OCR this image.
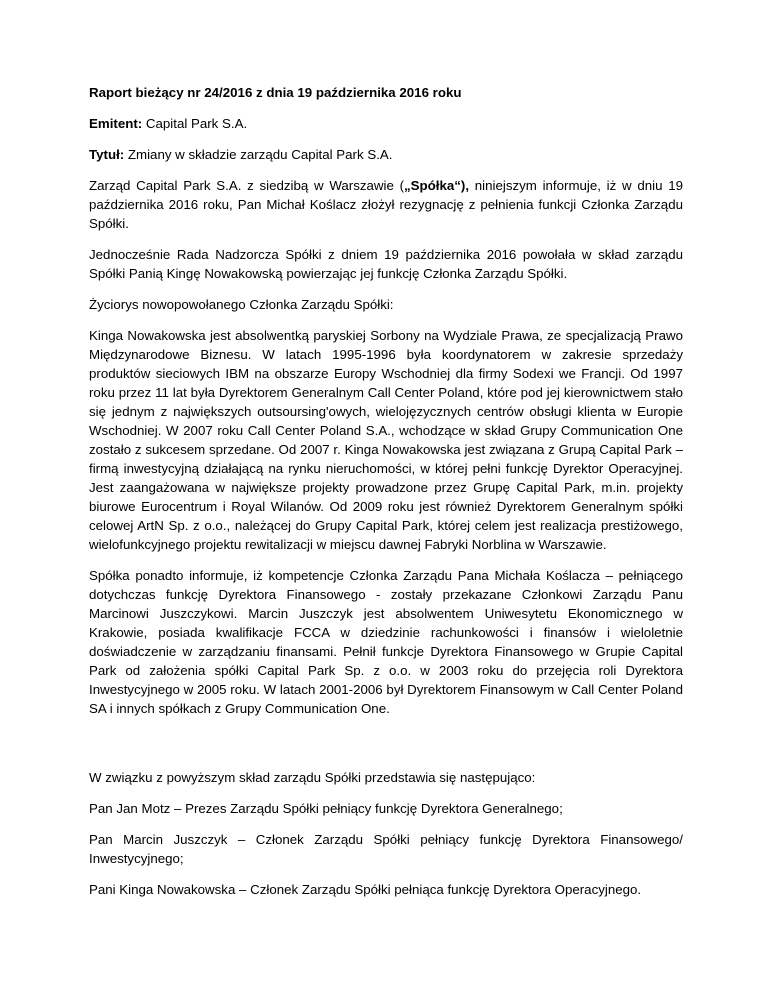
Raport bieżący nr 24/2016 z dnia 19 października 2016 roku

Emitent: Capital Park S.A.

Tytuł: Zmiany w składzie zarządu Capital Park S.A.

Zarząd Capital Park S.A. z siedzibą w Warszawie („Spółka“), niniejszym informuje, iż w dniu 19 października 2016 roku, Pan Michał Koślacz złożył rezygnację z pełnienia funkcji Członka Zarządu Spółki.

Jednocześnie Rada Nadzorcza Spółki z dniem 19 października 2016 powołała w skład zarządu Spółki Panią Kingę Nowakowską powierzając jej funkcję Członka Zarządu Spółki.

Życiorys nowopowołanego Członka Zarządu Spółki:

Kinga Nowakowska jest absolwentką paryskiej Sorbony na Wydziale Prawa, ze specjalizacją Prawo Międzynarodowe Biznesu. W latach 1995-1996 była koordynatorem w zakresie sprzedaży produktów sieciowych IBM na obszarze Europy Wschodniej dla firmy Sodexi we Francji. Od 1997 roku przez 11 lat była Dyrektorem Generalnym Call Center Poland, które pod jej kierownictwem stało się jednym z największych outsoursing'owych, wielojęzycznych centrów obsługi klienta w Europie Wschodniej. W 2007 roku Call Center Poland S.A., wchodzące w skład Grupy Communication One zostało z sukcesem sprzedane. Od 2007 r. Kinga Nowakowska jest związana z Grupą Capital Park – firmą inwestycyjną działającą na rynku nieruchomości, w której pełni funkcję Dyrektor Operacyjnej. Jest zaangażowana w największe projekty prowadzone przez Grupę Capital Park, m.in. projekty biurowe Eurocentrum i Royal Wilanów. Od 2009 roku jest również Dyrektorem Generalnym spółki celowej ArtN Sp. z o.o., należącej do Grupy Capital Park, której celem jest realizacja prestiżowego, wielofunkcyjnego projektu rewitalizacji w miejscu dawnej Fabryki Norblina w Warszawie.

Spółka ponadto informuje, iż kompetencje Członka Zarządu Pana Michała Koślacza – pełniącego dotychczas funkcję Dyrektora Finansowego - zostały przekazane Członkowi Zarządu Panu Marcinowi Juszczykowi. Marcin Juszczyk jest absolwentem Uniwesytetu Ekonomicznego w Krakowie, posiada kwalifikacje FCCA w dziedzinie rachunkowości i finansów i wieloletnie doświadczenie w zarządzaniu finansami. Pełnił funkcje Dyrektora Finansowego w Grupie Capital Park od założenia spółki Capital Park Sp. z o.o. w 2003 roku do przejęcia roli Dyrektora Inwestycyjnego w 2005 roku. W latach 2001-2006 był Dyrektorem Finansowym w Call Center Poland SA i innych spółkach z Grupy Communication One.

W związku z powyższym skład zarządu Spółki przedstawia się następująco:

Pan Jan Motz – Prezes Zarządu Spółki pełniący funkcję Dyrektora Generalnego;

Pan Marcin Juszczyk – Członek Zarządu Spółki pełniący funkcję Dyrektora Finansowego/ Inwestycyjnego;

Pani Kinga Nowakowska – Członek Zarządu Spółki pełniąca funkcję Dyrektora Operacyjnego.
